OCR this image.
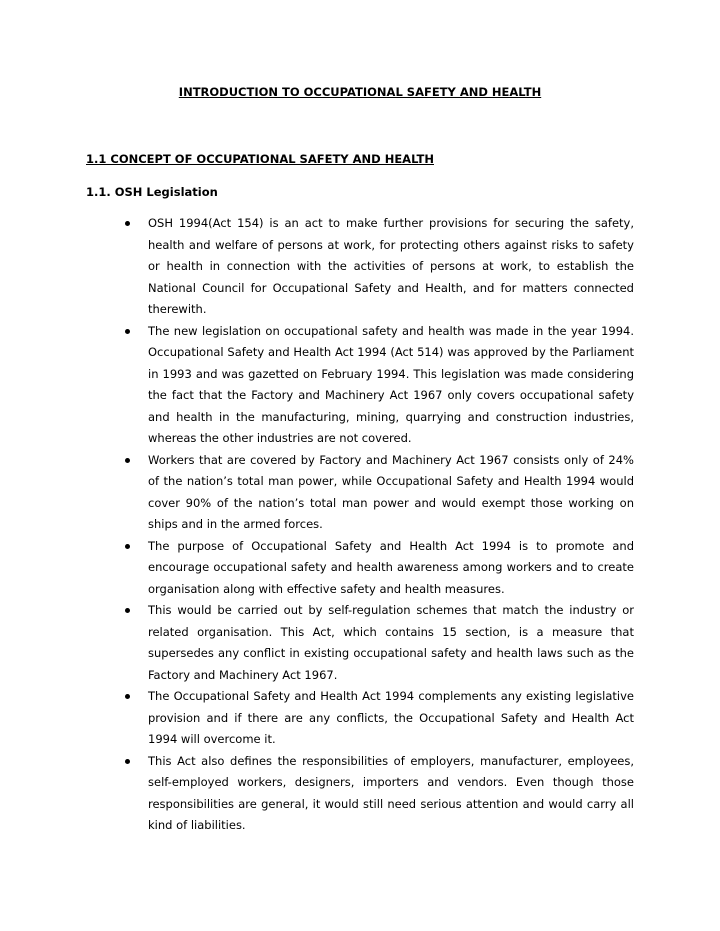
INTRODUCTION TO OCCUPATIONAL SAFETY AND HEALTH
1.1 CONCEPT OF OCCUPATIONAL SAFETY AND HEALTH
1.1. OSH Legislation
OSH 1994(Act 154) is an act to make further provisions for securing the safety, health and welfare of persons at work, for protecting others against risks to safety or health in connection with the activities of persons at work, to establish the National Council for Occupational Safety and Health, and for matters connected therewith.
The new legislation on occupational safety and health was made in the year 1994. Occupational Safety and Health Act 1994 (Act 514) was approved by the Parliament in 1993 and was gazetted on February 1994. This legislation was made considering the fact that the Factory and Machinery Act 1967 only covers occupational safety and health in the manufacturing, mining, quarrying and construction industries, whereas the other industries are not covered.
Workers that are covered by Factory and Machinery Act 1967 consists only of 24% of the nation’s total man power, while Occupational Safety and Health 1994 would cover 90% of the nation’s total man power and would exempt those working on ships and in the armed forces.
The purpose of Occupational Safety and Health Act 1994 is to promote and encourage occupational safety and health awareness among workers and to create organisation along with effective safety and health measures.
This would be carried out by self-regulation schemes that match the industry or related organisation. This Act, which contains 15 section, is a measure that supersedes any conflict in existing occupational safety and health laws such as the Factory and Machinery Act 1967.
The Occupational Safety and Health Act 1994 complements any existing legislative provision and if there are any conflicts, the Occupational Safety and Health Act 1994 will overcome it.
This Act also defines the responsibilities of employers, manufacturer, employees, self-employed workers, designers, importers and vendors. Even though those responsibilities are general, it would still need serious attention and would carry all kind of liabilities.
